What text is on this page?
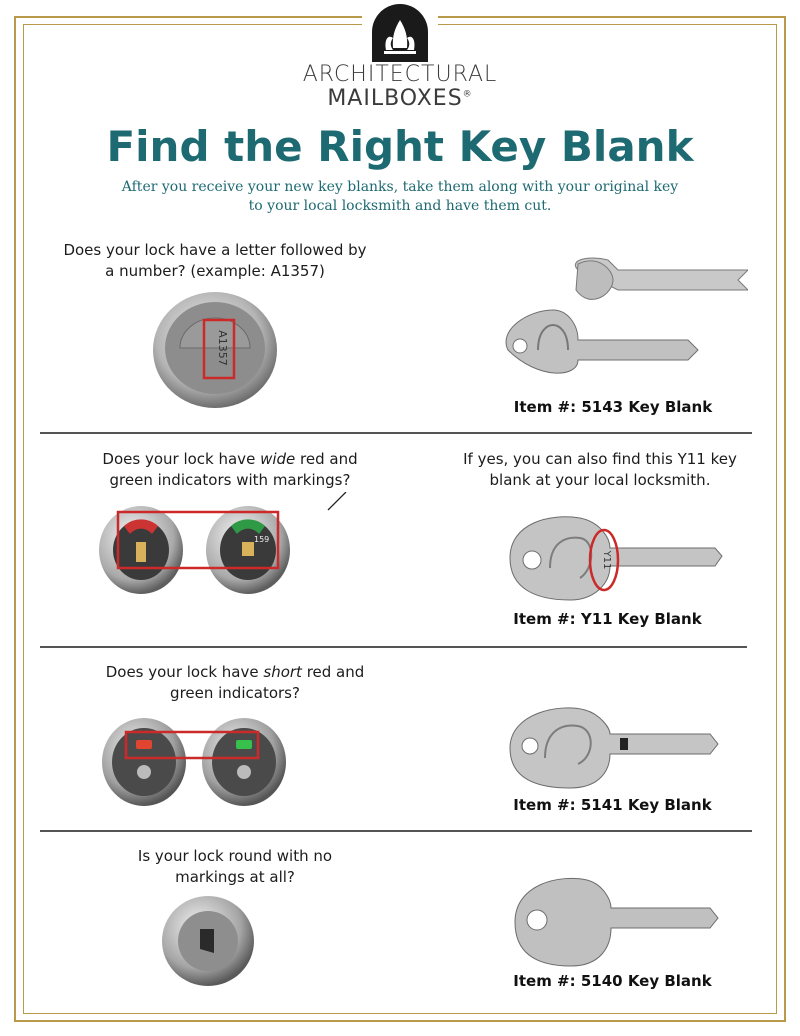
ARCHITECTURAL
MAILBOXES®
Find the Right Key Blank
After you receive your new key blanks, take them along with your original key to your local locksmith and have them cut.
Does your lock have a letter followed by
a number? (example: A1357)
A1357
Item #: 5143 Key Blank
Does your lock have wide red and
green indicators with markings?
If yes, you can also find this Y11 key
blank at your local locksmith.
159
Y11
Item #: Y11 Key Blank
Does your lock have short red and
green indicators?
Item #: 5141 Key Blank
Is your lock round with no
markings at all?
Item #: 5140 Key Blank
